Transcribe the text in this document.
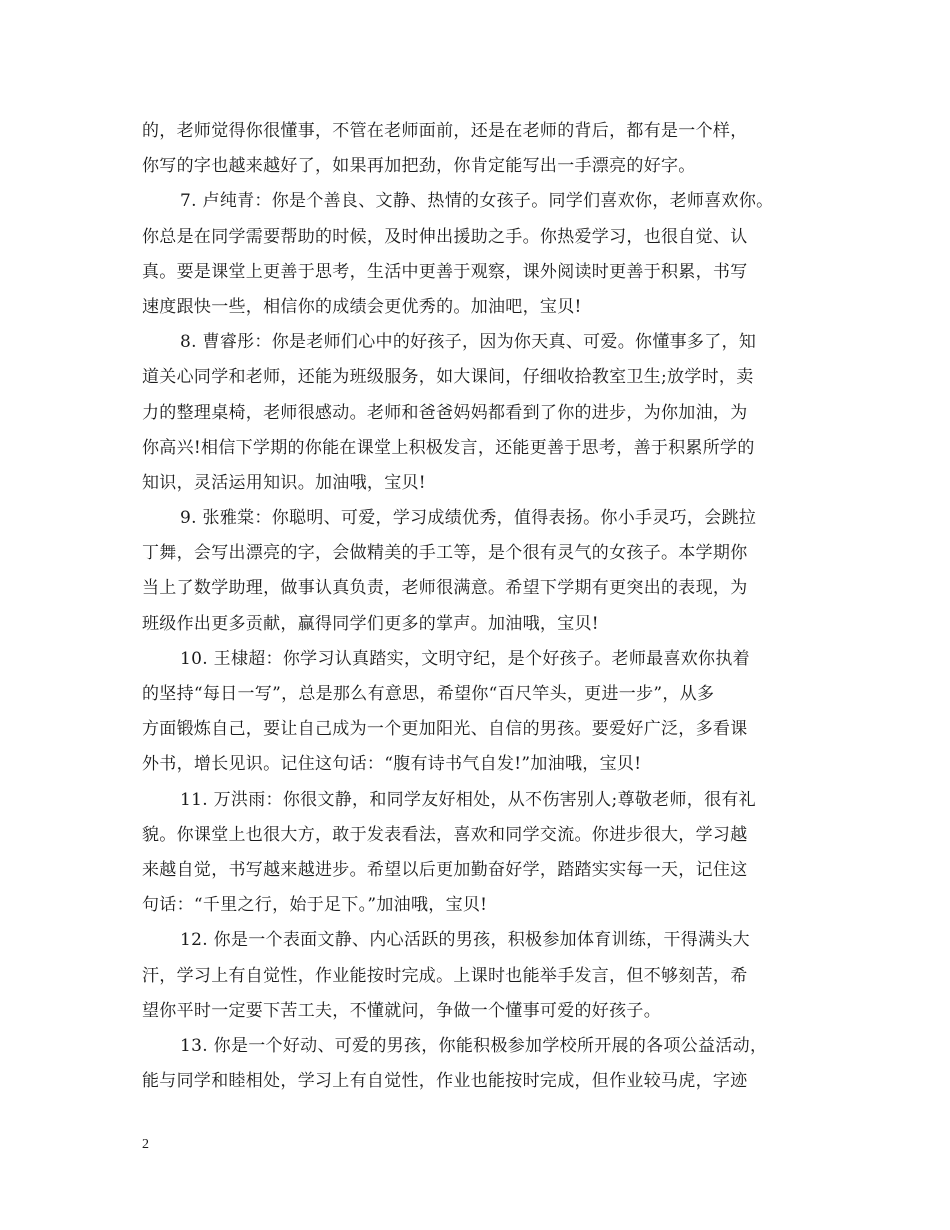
的，老师觉得你很懂事，不管在老师面前，还是在老师的背后，都有是一个样，
你写的字也越来越好了，如果再加把劲，你肯定能写出一手漂亮的好字。
7. 卢纯青：你是个善良、文静、热情的女孩子。同学们喜欢你，老师喜欢你。
你总是在同学需要帮助的时候，及时伸出援助之手。你热爱学习，也很自觉、认
真。要是课堂上更善于思考，生活中更善于观察，课外阅读时更善于积累，书写
速度跟快一些，相信你的成绩会更优秀的。加油吧，宝贝!
8. 曹睿彤：你是老师们心中的好孩子，因为你天真、可爱。你懂事多了，知
道关心同学和老师，还能为班级服务，如大课间，仔细收拾教室卫生;放学时，卖
力的整理桌椅，老师很感动。老师和爸爸妈妈都看到了你的进步，为你加油，为
你高兴!相信下学期的你能在课堂上积极发言，还能更善于思考，善于积累所学的
知识，灵活运用知识。加油哦，宝贝!
9. 张雅棠：你聪明、可爱，学习成绩优秀，值得表扬。你小手灵巧，会跳拉
丁舞，会写出漂亮的字，会做精美的手工等，是个很有灵气的女孩子。本学期你
当上了数学助理，做事认真负责，老师很满意。希望下学期有更突出的表现，为
班级作出更多贡献，赢得同学们更多的掌声。加油哦，宝贝!
10. 王棣超：你学习认真踏实，文明守纪，是个好孩子。老师最喜欢你执着
的坚持“每日一写”，总是那么有意思，希望你“百尺竿头，更进一步”，从多
方面锻炼自己，要让自己成为一个更加阳光、自信的男孩。要爱好广泛，多看课
外书，增长见识。记住这句话：“腹有诗书气自发!”加油哦，宝贝!
11. 万洪雨：你很文静，和同学友好相处，从不伤害别人;尊敬老师，很有礼
貌。你课堂上也很大方，敢于发表看法，喜欢和同学交流。你进步很大，学习越
来越自觉，书写越来越进步。希望以后更加勤奋好学，踏踏实实每一天，记住这
句话：“千里之行，始于足下。”加油哦，宝贝!
12. 你是一个表面文静、内心活跃的男孩，积极参加体育训练，干得满头大
汗，学习上有自觉性，作业能按时完成。上课时也能举手发言，但不够刻苦，希
望你平时一定要下苦工夫，不懂就问，争做一个懂事可爱的好孩子。
13. 你是一个好动、可爱的男孩，你能积极参加学校所开展的各项公益活动，
能与同学和睦相处，学习上有自觉性，作业也能按时完成，但作业较马虎，字迹
2
